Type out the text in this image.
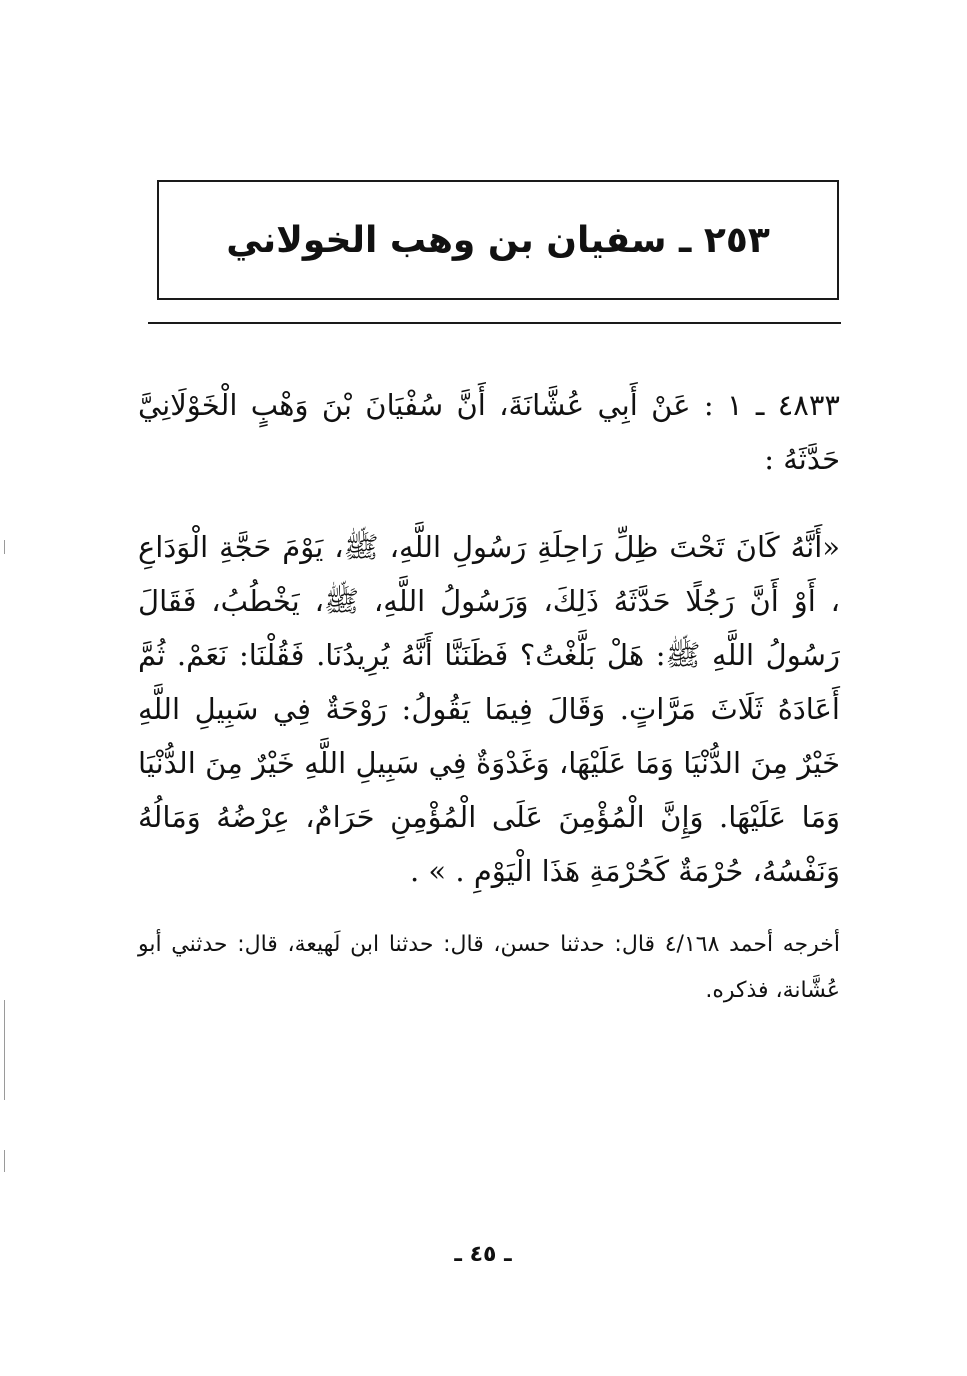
٢٥٣ ـ سفيان بن وهب الخولاني
٤٨٣٣ ـ ١ : عَنْ أَبِي عُشَّانَةَ، أَنَّ سُفْيَانَ بْنَ وَهْبٍ الْخَوْلَانِيَّ حَدَّثَهُ :
«أَنَّهُ كَانَ تَحْتَ ظِلِّ رَاحِلَةِ رَسُولِ اللَّهِ، ﷺ، يَوْمَ حَجَّةِ الْوَدَاعِ ، أَوْ أَنَّ رَجُلًا حَدَّثَهُ ذَلِكَ، وَرَسُولُ اللَّهِ، ﷺ، يَخْطُبُ، فَقَالَ رَسُولُ اللَّهِ ﷺ: هَلْ بَلَّغْتُ؟ فَظَنَنَّا أَنَّهُ يُرِيدُنَا. فَقُلْنَا: نَعَمْ. ثُمَّ أَعَادَهُ ثَلَاثَ مَرَّاتٍ. وَقَالَ فِيمَا يَقُولُ: رَوْحَةٌ فِي سَبِيلِ اللَّهِ خَيْرٌ مِنَ الدُّنْيَا وَمَا عَلَيْهَا، وَغَدْوَةٌ فِي سَبِيلِ اللَّهِ خَيْرٌ مِنَ الدُّنْيَا وَمَا عَلَيْهَا. وَإِنَّ الْمُؤْمِنَ عَلَى الْمُؤْمِنِ حَرَامٌ، عِرْضُهُ وَمَالُهُ وَنَفْسُهُ، حُرْمَةٌ كَحُرْمَةِ هَذَا الْيَوْمِ . » .
أخرجه أحمد ٤/١٦٨ قال: حدثنا حسن، قال: حدثنا ابن لَهيعة، قال: حدثني أبو عُشَّانة، فذكره.
ـ ٤٥ ـ
